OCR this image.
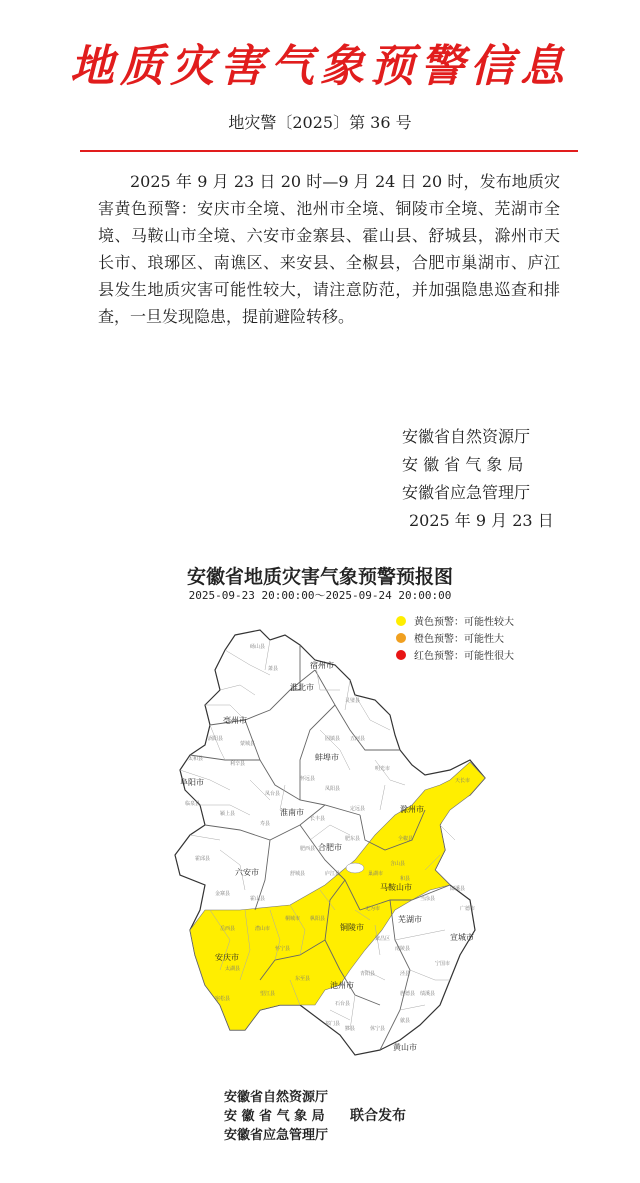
地质灾害气象预警信息
地灾警〔2025〕第 36 号
2025 年 9 月 23 日 20 时—9 月 24 日 20 时，发布地质灾害黄色预警：安庆市全境、池州市全境、铜陵市全境、芜湖市全境、马鞍山市全境、六安市金寨县、霍山县、舒城县，滁州市天长市、琅琊区、南谯区、来安县、全椒县，合肥市巢湖市、庐江县发生地质灾害可能性较大，请注意防范，并加强隐患巡查和排查，一旦发现隐患，提前避险转移。
安徽省自然资源厅
安 徽 省 气 象 局
安徽省应急管理厅
2025 年 9 月 23 日
安徽省地质灾害气象预警预报图
2025-09-23 20:00:00～2025-09-24 20:00:00
宿州市
淮北市
亳州市
阜阳市
蚌埠市
淮南市	滁州市
合肥市
六安市
马鞍山市
芜湖市
铜陵市
安庆市
池州市
宣城市
黄山市
砀山县
萧县
灵璧县
涡阳县
蒙城县
利辛县
太和县
临泉县
颍上县
寿县
凤台县
怀远县
五河县
固镇县
凤阳县
定远县
明光市
天长市
全椒县
肥东县
肥西县
长丰县
巢湖市
庐江县
舒城县
金寨县
霍山县
霍邱县
含山县
和县
当涂县
无为市
南陵县
繁昌区
枞阳县
桐城市
潜山市
岳西县
太湖县
宿松县
望江县
怀宁县
东至县
石台县
青阳县	泾县
广德市
宁国市
绩溪县
旌德县
黟县
祁门县
休宁县
歙县
郎溪县
黄色预警：可能性较大
橙色预警：可能性大
红色预警：可能性很大
安徽省自然资源厅
安 徽 省 气 象 局
安徽省应急管理厅
联合发布
